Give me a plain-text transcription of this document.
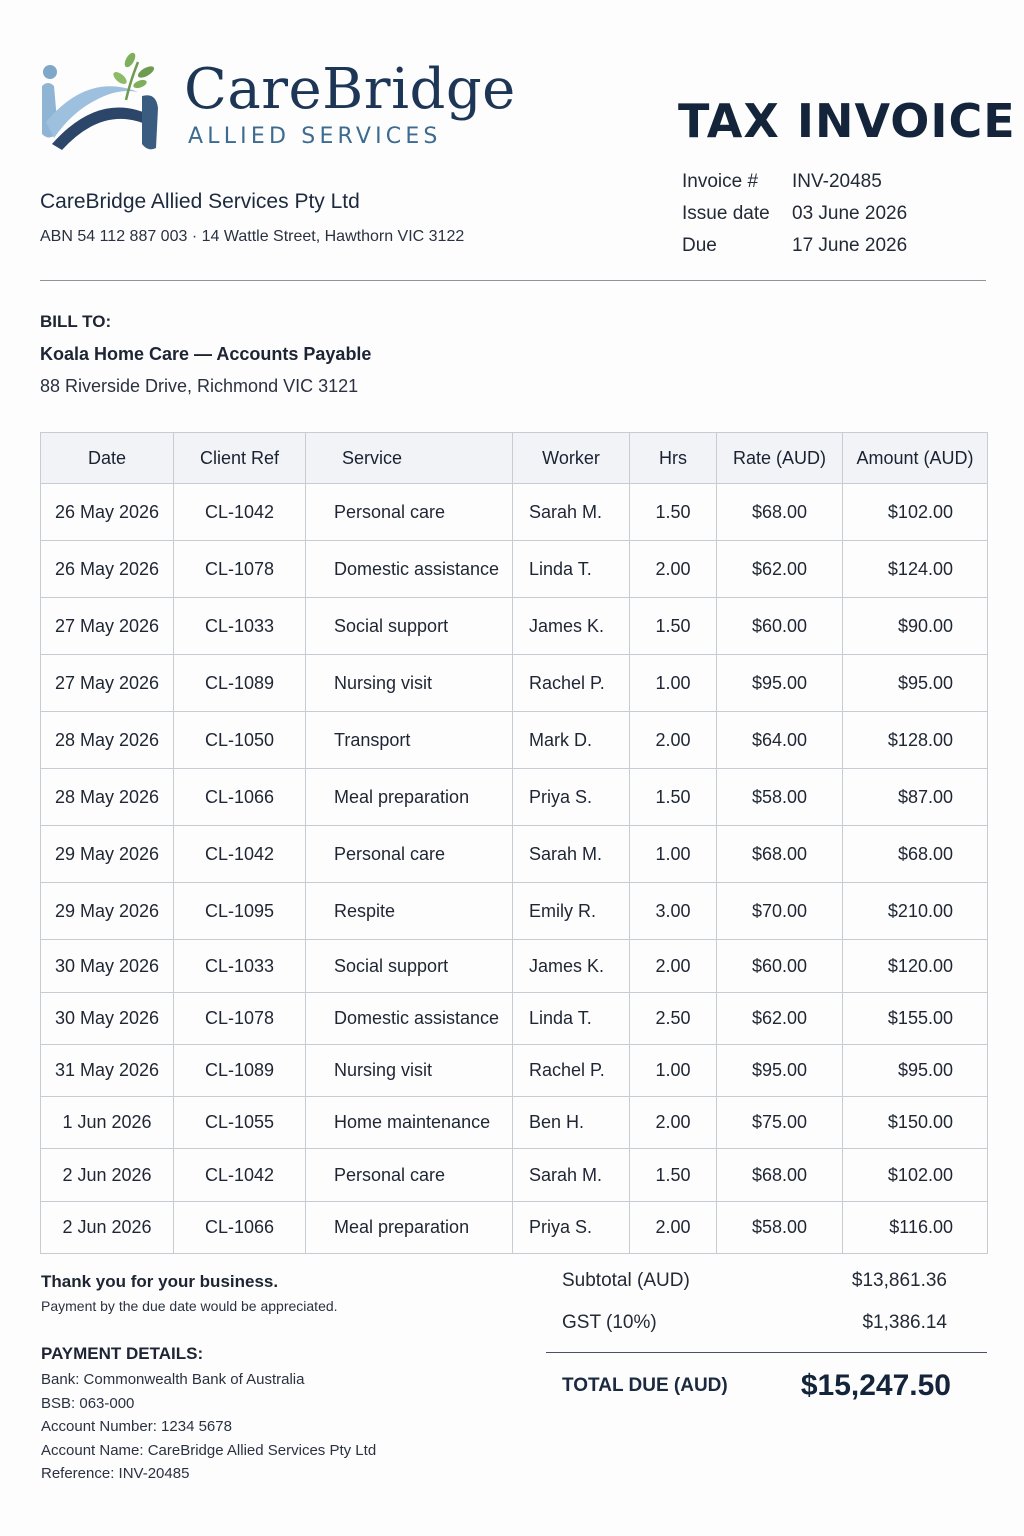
CareBridge
ALLIED SERVICES
CareBridge Allied Services Pty Ltd
ABN 54 112 887 003 · 14 Wattle Street, Hawthorn VIC 3122
TAX INVOICE
Invoice #	INV-20485
Issue date	03 June 2026
Due	17 June 2026
BILL TO:
Koala Home Care — Accounts Payable
88 Riverside Drive, Richmond VIC 3121
Date	Client Ref	Service	Worker	Hrs	Rate (AUD)	Amount (AUD)
26 May 2026	CL-1042	Personal care	Sarah M.	1.50	$68.00	$102.00
26 May 2026	CL-1078	Domestic assistance	Linda T.	2.00	$62.00	$124.00
27 May 2026	CL-1033	Social support	James K.	1.50	$60.00	$90.00
27 May 2026	CL-1089	Nursing visit	Rachel P.	1.00	$95.00	$95.00
28 May 2026	CL-1050	Transport	Mark D.	2.00	$64.00	$128.00
28 May 2026	CL-1066	Meal preparation	Priya S.	1.50	$58.00	$87.00
29 May 2026	CL-1042	Personal care	Sarah M.	1.00	$68.00	$68.00
29 May 2026	CL-1095	Respite	Emily R.	3.00	$70.00	$210.00
30 May 2026	CL-1033	Social support	James K.	2.00	$60.00	$120.00
30 May 2026	CL-1078	Domestic assistance	Linda T.	2.50	$62.00	$155.00
31 May 2026	CL-1089	Nursing visit	Rachel P.	1.00	$95.00	$95.00
1 Jun 2026	CL-1055	Home maintenance	Ben H.	2.00	$75.00	$150.00
2 Jun 2026	CL-1042	Personal care	Sarah M.	1.50	$68.00	$102.00
2 Jun 2026	CL-1066	Meal preparation	Priya S.	2.00	$58.00	$116.00
Thank you for your business.
Payment by the due date would be appreciated.
PAYMENT DETAILS:
Bank: Commonwealth Bank of Australia
BSB: 063-000
Account Number: 1234 5678
Account Name: CareBridge Allied Services Pty Ltd
Reference: INV-20485
Subtotal (AUD)	$13,861.36
GST (10%)	$1,386.14
TOTAL DUE (AUD) $15,247.50
